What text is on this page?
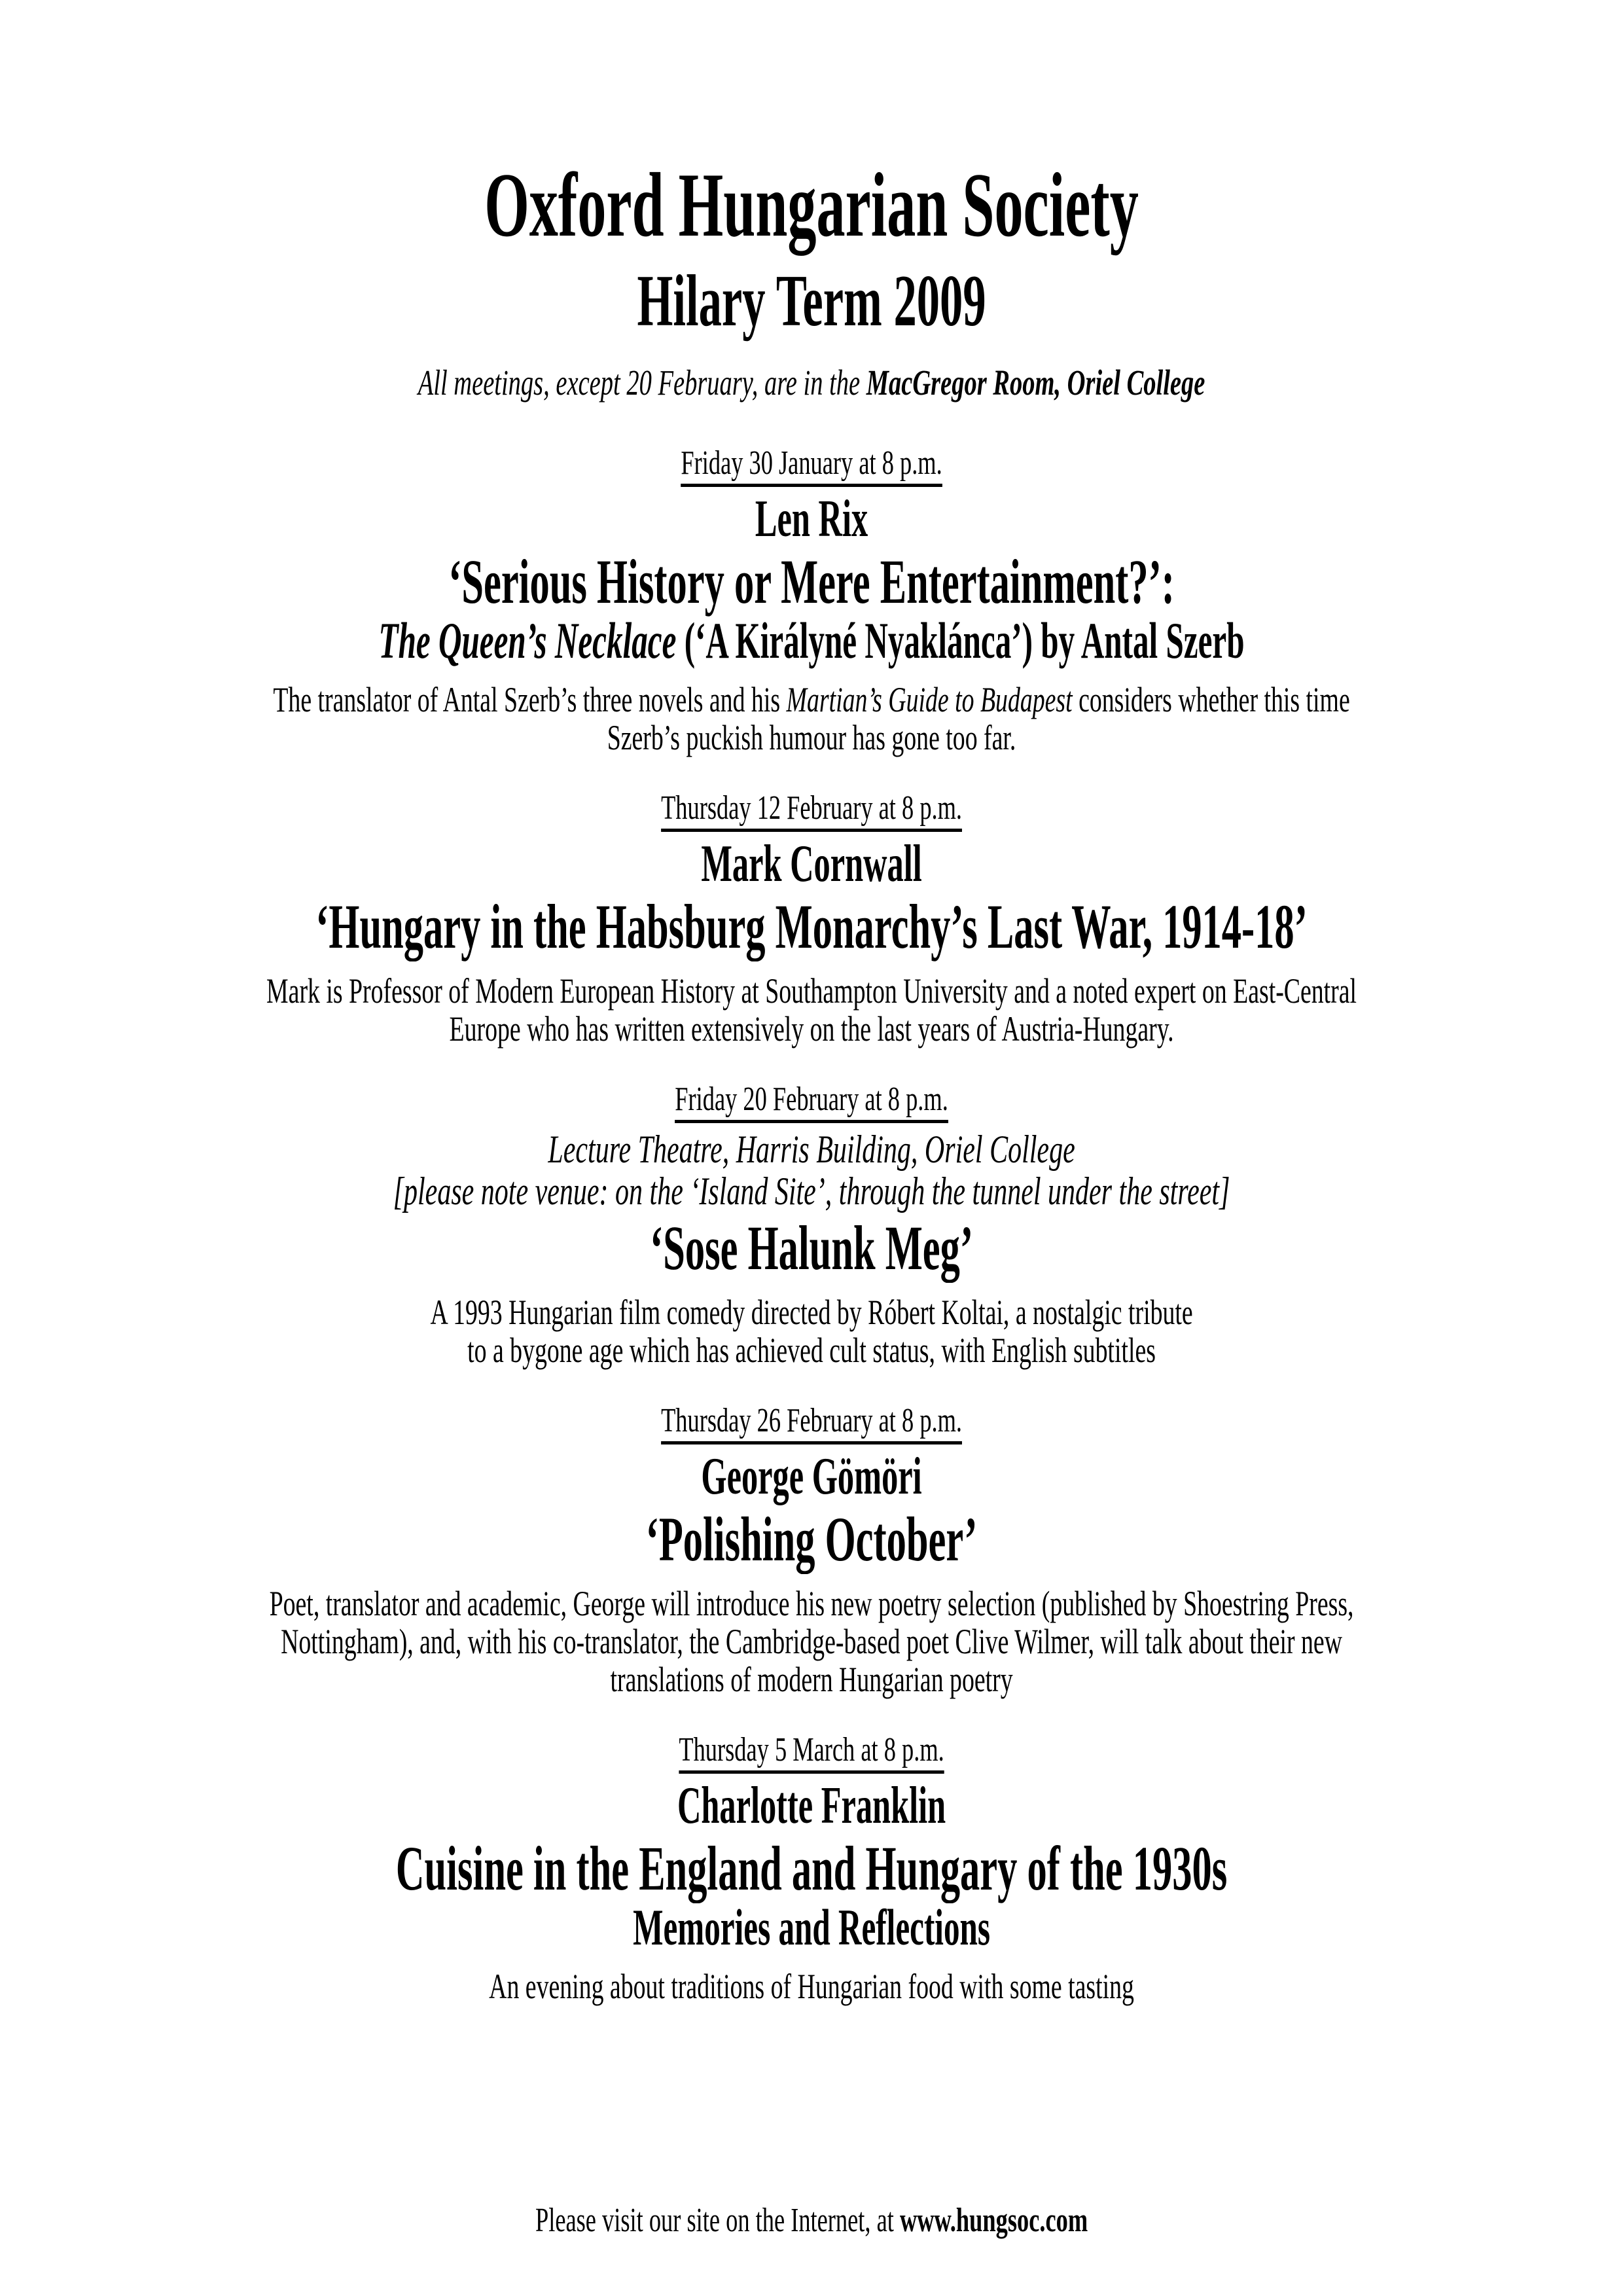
Oxford Hungarian Society
Hilary Term 2009
All meetings, except 20 February, are in the MacGregor Room, Oriel College
Friday 30 January at 8 p.m.
Len Rix
‘Serious History or Mere Entertainment?’:
The Queen’s Necklace (‘A Királyné Nyaklánca’) by Antal Szerb
The translator of Antal Szerb’s three novels and his Martian’s Guide to Budapest considers whether this time
Szerb’s puckish humour has gone too far.
Thursday 12 February at 8 p.m.
Mark Cornwall
‘Hungary in the Habsburg Monarchy’s Last War, 1914-18’
Mark is Professor of Modern European History at Southampton University and a noted expert on East-Central
Europe who has written extensively on the last years of Austria-Hungary.
Friday 20 February at 8 p.m.
Lecture Theatre, Harris Building, Oriel College
[please note venue: on the ‘Island Site’, through the tunnel under the street]
‘Sose Halunk Meg’
A 1993 Hungarian film comedy directed by Róbert Koltai, a nostalgic tribute
to a bygone age which has achieved cult status, with English subtitles
Thursday 26 February at 8 p.m.
George Gömöri
‘Polishing October’
Poet, translator and academic, George will introduce his new poetry selection (published by Shoestring Press,
Nottingham), and, with his co-translator, the Cambridge-based poet Clive Wilmer, will talk about their new
translations of modern Hungarian poetry
Thursday 5 March at 8 p.m.
Charlotte Franklin
Cuisine in the England and Hungary of the 1930s
Memories and Reflections
An evening about traditions of Hungarian food with some tasting
Please visit our site on the Internet, at www.hungsoc.com
